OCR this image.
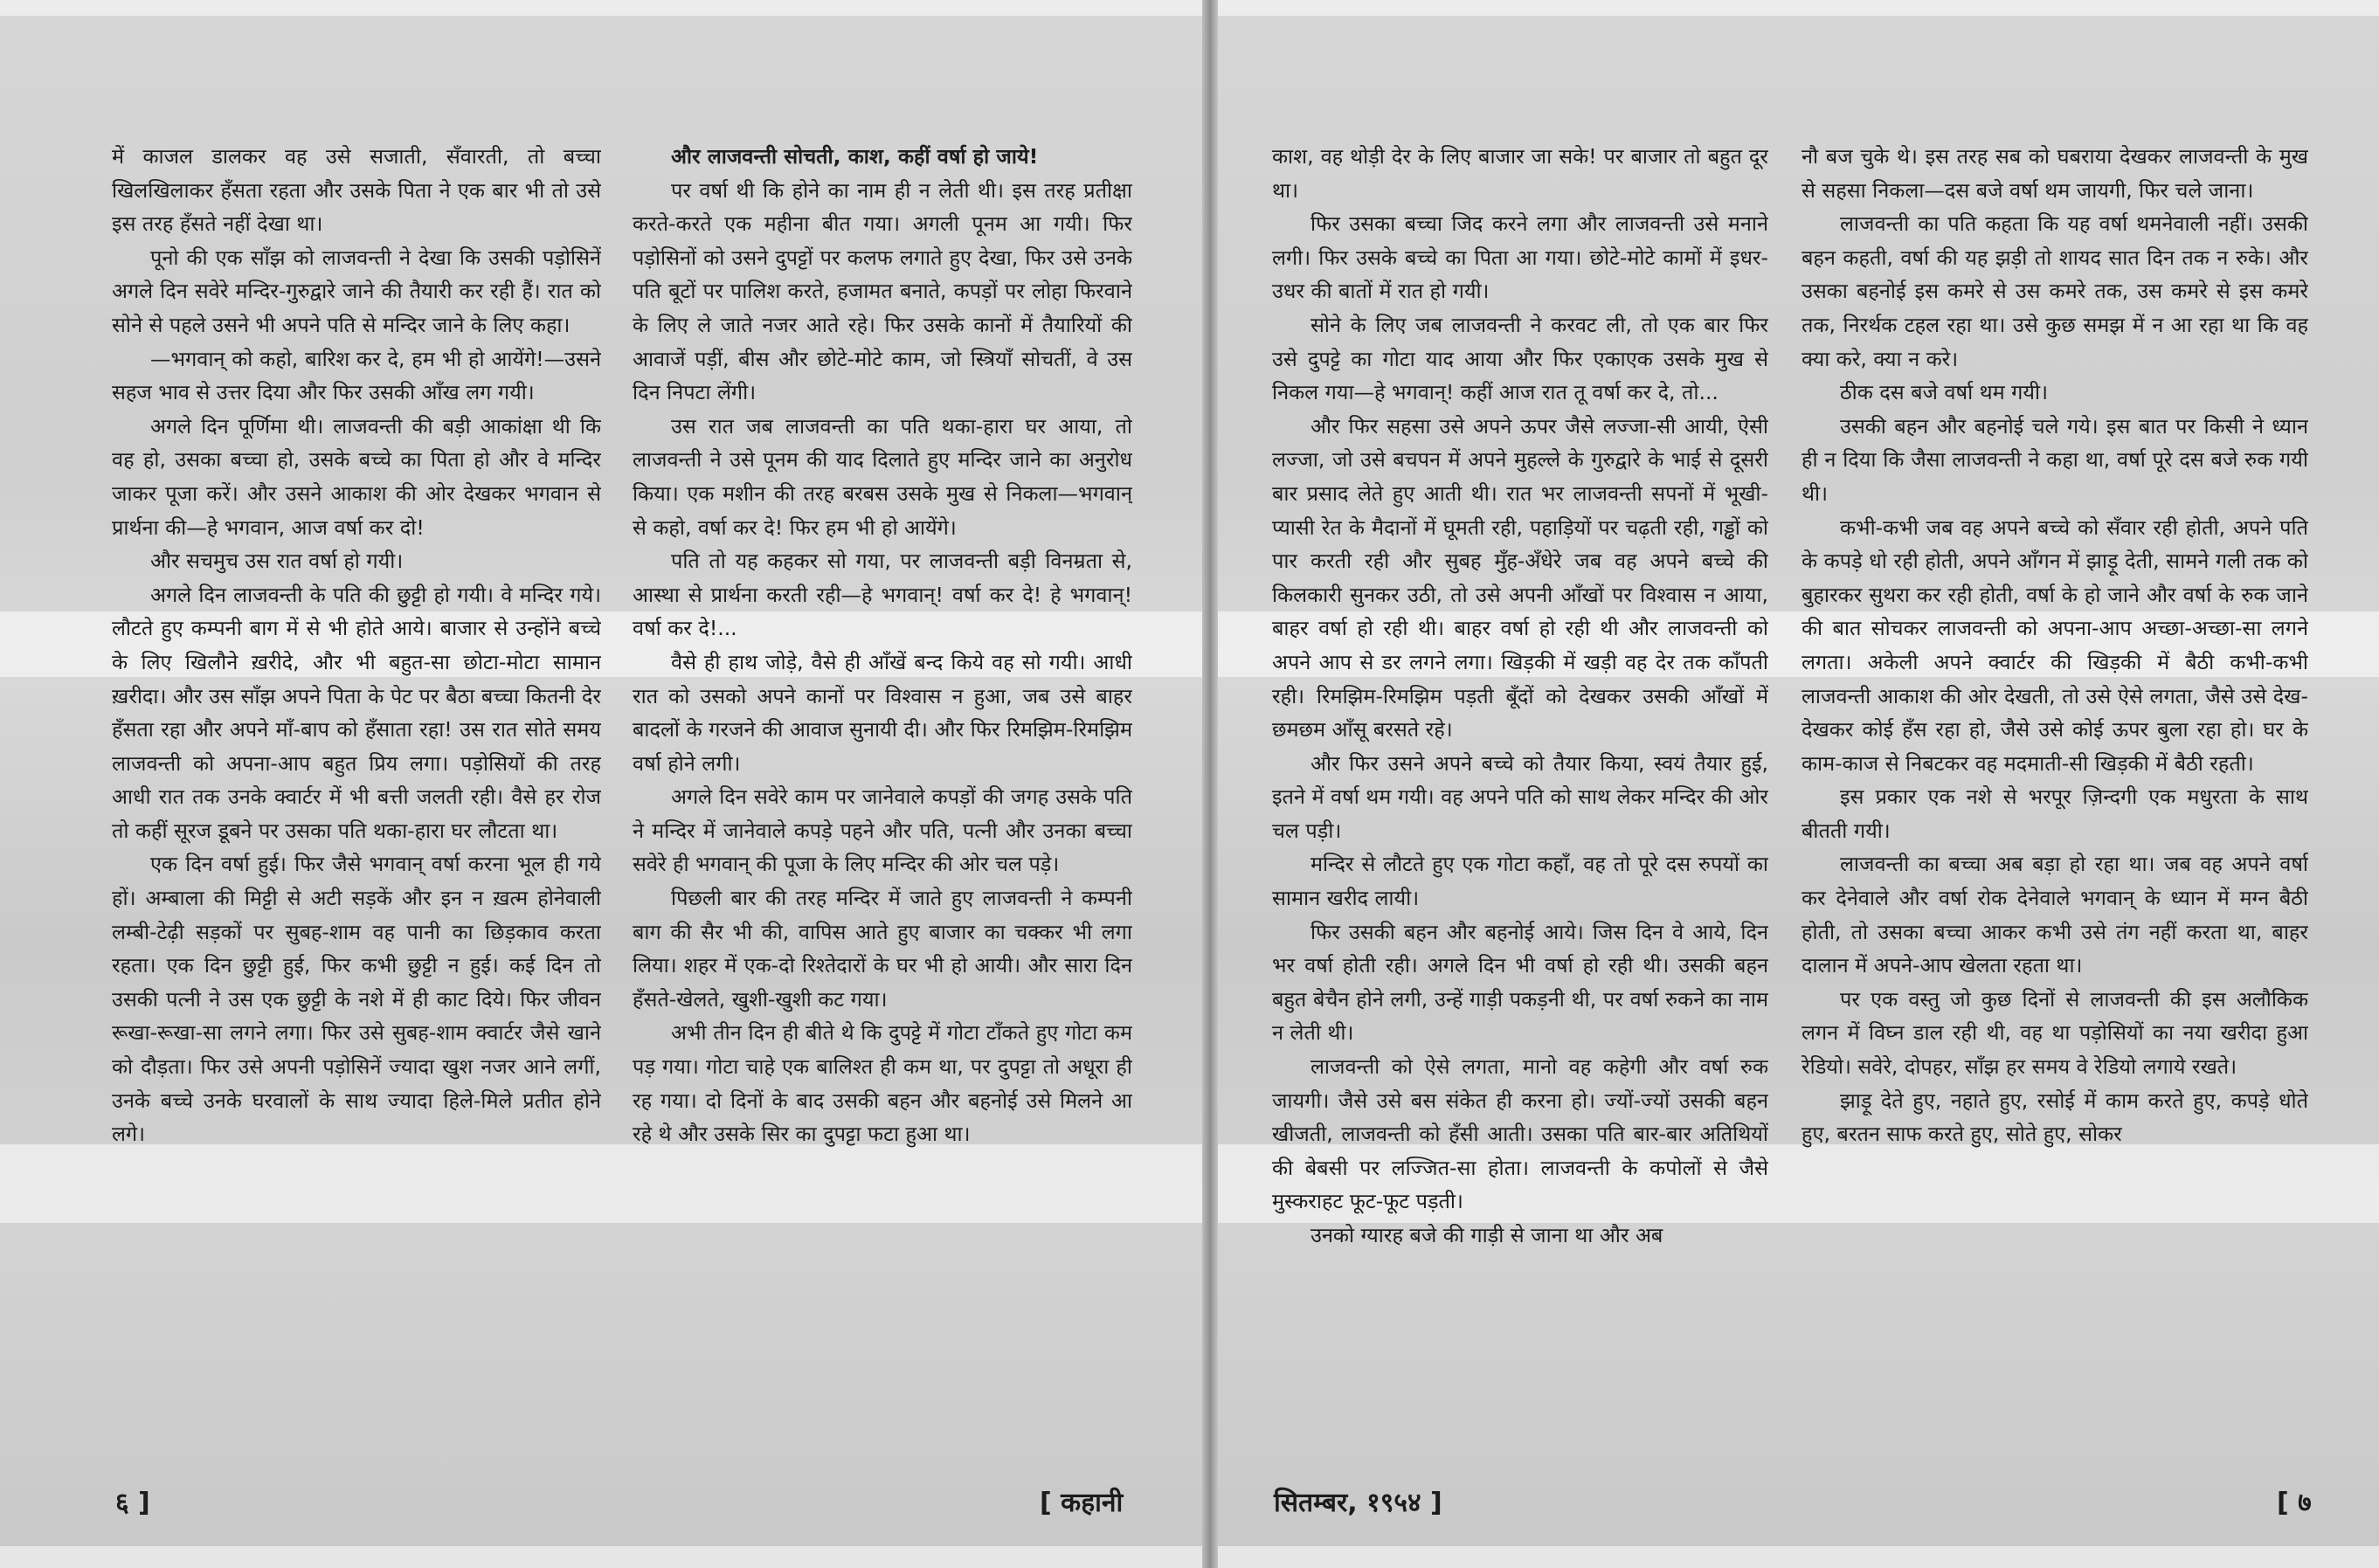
में काजल डालकर वह उसे सजाती, सँवारती, तो बच्चा खिलखिलाकर हँसता रहता और उसके पिता ने एक बार भी तो उसे इस तरह हँसते नहीं देखा था।

पूनो की एक साँझ को लाजवन्ती ने देखा कि उसकी पड़ोसिनें अगले दिन सवेरे मन्दिर-गुरुद्वारे जाने की तैयारी कर रही हैं। रात को सोने से पहले उसने भी अपने पति से मन्दिर जाने के लिए कहा।

—भगवान् को कहो, बारिश कर दे, हम भी हो आयेंगे!—उसने सहज भाव से उत्तर दिया और फिर उसकी आँख लग गयी।

अगले दिन पूर्णिमा थी। लाजवन्ती की बड़ी आकांक्षा थी कि वह हो, उसका बच्चा हो, उसके बच्चे का पिता हो और वे मन्दिर जाकर पूजा करें। और उसने आकाश की ओर देखकर भगवान से प्रार्थना की—हे भगवान, आज वर्षा कर दो!

और सचमुच उस रात वर्षा हो गयी।

अगले दिन लाजवन्ती के पति की छुट्टी हो गयी। वे मन्दिर गये। लौटते हुए कम्पनी बाग में से भी होते आये। बाजार से उन्होंने बच्चे के लिए खिलौने ख़रीदे, और भी बहुत-सा छोटा-मोटा सामान ख़रीदा। और उस साँझ अपने पिता के पेट पर बैठा बच्चा कितनी देर हँसता रहा और अपने माँ-बाप को हँसाता रहा! उस रात सोते समय लाजवन्ती को अपना-आप बहुत प्रिय लगा। पड़ोसियों की तरह आधी रात तक उनके क्वार्टर में भी बत्ती जलती रही। वैसे हर रोज तो कहीं सूरज डूबने पर उसका पति थका-हारा घर लौटता था।

एक दिन वर्षा हुई। फिर जैसे भगवान् वर्षा करना भूल ही गये हों। अम्बाला की मिट्टी से अटी सड़कें और इन न ख़त्म होनेवाली लम्बी-टेढ़ी सड़कों पर सुबह-शाम वह पानी का छिड़काव करता रहता। एक दिन छुट्टी हुई, फिर कभी छुट्टी न हुई। कई दिन तो उसकी पत्नी ने उस एक छुट्टी के नशे में ही काट दिये। फिर जीवन रूखा-रूखा-सा लगने लगा। फिर उसे सुबह-शाम क्वार्टर जैसे खाने को दौड़ता। फिर उसे अपनी पड़ोसिनें ज्यादा खुश नजर आने लगीं, उनके बच्चे उनके घरवालों के साथ ज्यादा हिले-मिले प्रतीत होने लगे।

और लाजवन्ती सोचती, काश, कहीं वर्षा हो जाये!

पर वर्षा थी कि होने का नाम ही न लेती थी। इस तरह प्रतीक्षा करते-करते एक महीना बीत गया। अगली पूनम आ गयी। फिर पड़ोसिनों को उसने दुपट्टों पर कलफ लगाते हुए देखा, फिर उसे उनके पति बूटों पर पालिश करते, हजामत बनाते, कपड़ों पर लोहा फिरवाने के लिए ले जाते नजर आते रहे। फिर उसके कानों में तैयारियों की आवाजें पड़ीं, बीस और छोटे-मोटे काम, जो स्त्रियाँ सोचतीं, वे उस दिन निपटा लेंगी।

उस रात जब लाजवन्ती का पति थका-हारा घर आया, तो लाजवन्ती ने उसे पूनम की याद दिलाते हुए मन्दिर जाने का अनुरोध किया। एक मशीन की तरह बरबस उसके मुख से निकला—भगवान् से कहो, वर्षा कर दे! फिर हम भी हो आयेंगे।

पति तो यह कहकर सो गया, पर लाजवन्ती बड़ी विनम्रता से, आस्था से प्रार्थना करती रही—हे भगवान्! वर्षा कर दे! हे भगवान्! वर्षा कर दे!...

वैसे ही हाथ जोड़े, वैसे ही आँखें बन्द किये वह सो गयी। आधी रात को उसको अपने कानों पर विश्वास न हुआ, जब उसे बाहर बादलों के गरजने की आवाज सुनायी दी। और फिर रिमझिम-रिमझिम वर्षा होने लगी।

अगले दिन सवेरे काम पर जानेवाले कपड़ों की जगह उसके पति ने मन्दिर में जानेवाले कपड़े पहने और पति, पत्नी और उनका बच्चा सवेरे ही भगवान् की पूजा के लिए मन्दिर की ओर चल पड़े।

पिछली बार की तरह मन्दिर में जाते हुए लाजवन्ती ने कम्पनी बाग की सैर भी की, वापिस आते हुए बाजार का चक्कर भी लगा लिया। शहर में एक-दो रिश्तेदारों के घर भी हो आयी। और सारा दिन हँसते-खेलते, खुशी-खुशी कट गया।

अभी तीन दिन ही बीते थे कि दुपट्टे में गोटा टाँकते हुए गोटा कम पड़ गया। गोटा चाहे एक बालिश्त ही कम था, पर दुपट्टा तो अधूरा ही रह गया। दो दिनों के बाद उसकी बहन और बहनोई उसे मिलने आ रहे थे और उसके सिर का दुपट्टा फटा हुआ था।

६ ]	[ कहानी

काश, वह थोड़ी देर के लिए बाजार जा सके! पर बाजार तो बहुत दूर था।

फिर उसका बच्चा जिद करने लगा और लाजवन्ती उसे मनाने लगी। फिर उसके बच्चे का पिता आ गया। छोटे-मोटे कामों में इधर-उधर की बातों में रात हो गयी।

सोने के लिए जब लाजवन्ती ने करवट ली, तो एक बार फिर उसे दुपट्टे का गोटा याद आया और फिर एकाएक उसके मुख से निकल गया—हे भगवान्! कहीं आज रात तू वर्षा कर दे, तो...

और फिर सहसा उसे अपने ऊपर जैसे लज्जा-सी आयी, ऐसी लज्जा, जो उसे बचपन में अपने मुहल्ले के गुरुद्वारे के भाई से दूसरी बार प्रसाद लेते हुए आती थी। रात भर लाजवन्ती सपनों में भूखी-प्यासी रेत के मैदानों में घूमती रही, पहाड़ियों पर चढ़ती रही, गड्ढों को पार करती रही और सुबह मुँह-अँधेरे जब वह अपने बच्चे की किलकारी सुनकर उठी, तो उसे अपनी आँखों पर विश्वास न आया, बाहर वर्षा हो रही थी। बाहर वर्षा हो रही थी और लाजवन्ती को अपने आप से डर लगने लगा। खिड़की में खड़ी वह देर तक काँपती रही। रिमझिम-रिमझिम पड़ती बूँदों को देखकर उसकी आँखों में छमछम आँसू बरसते रहे।

और फिर उसने अपने बच्चे को तैयार किया, स्वयं तैयार हुई, इतने में वर्षा थम गयी। वह अपने पति को साथ लेकर मन्दिर की ओर चल पड़ी।

मन्दिर से लौटते हुए एक गोटा कहाँ, वह तो पूरे दस रुपयों का सामान खरीद लायी।

फिर उसकी बहन और बहनोई आये। जिस दिन वे आये, दिन भर वर्षा होती रही। अगले दिन भी वर्षा हो रही थी। उसकी बहन बहुत बेचैन होने लगी, उन्हें गाड़ी पकड़नी थी, पर वर्षा रुकने का नाम न लेती थी।

लाजवन्ती को ऐसे लगता, मानो वह कहेगी और वर्षा रुक जायगी। जैसे उसे बस संकेत ही करना हो। ज्यों-ज्यों उसकी बहन खीजती, लाजवन्ती को हँसी आती। उसका पति बार-बार अतिथियों की बेबसी पर लज्जित-सा होता। लाजवन्ती के कपोलों से जैसे मुस्कराहट फूट-फूट पड़ती।

उनको ग्यारह बजे की गाड़ी से जाना था और अब

नौ बज चुके थे। इस तरह सब को घबराया देखकर लाजवन्ती के मुख से सहसा निकला—दस बजे वर्षा थम जायगी, फिर चले जाना।

लाजवन्ती का पति कहता कि यह वर्षा थमनेवाली नहीं। उसकी बहन कहती, वर्षा की यह झड़ी तो शायद सात दिन तक न रुके। और उसका बहनोई इस कमरे से उस कमरे तक, उस कमरे से इस कमरे तक, निरर्थक टहल रहा था। उसे कुछ समझ में न आ रहा था कि वह क्या करे, क्या न करे।

ठीक दस बजे वर्षा थम गयी।

उसकी बहन और बहनोई चले गये। इस बात पर किसी ने ध्यान ही न दिया कि जैसा लाजवन्ती ने कहा था, वर्षा पूरे दस बजे रुक गयी थी।

कभी-कभी जब वह अपने बच्चे को सँवार रही होती, अपने पति के कपड़े धो रही होती, अपने आँगन में झाड़ू देती, सामने गली तक को बुहारकर सुथरा कर रही होती, वर्षा के हो जाने और वर्षा के रुक जाने की बात सोचकर लाजवन्ती को अपना-आप अच्छा-अच्छा-सा लगने लगता। अकेली अपने क्वार्टर की खिड़की में बैठी कभी-कभी लाजवन्ती आकाश की ओर देखती, तो उसे ऐसे लगता, जैसे उसे देख-देखकर कोई हँस रहा हो, जैसे उसे कोई ऊपर बुला रहा हो। घर के काम-काज से निबटकर वह मदमाती-सी खिड़की में बैठी रहती।

इस प्रकार एक नशे से भरपूर ज़िन्दगी एक मधुरता के साथ बीतती गयी।

लाजवन्ती का बच्चा अब बड़ा हो रहा था। जब वह अपने वर्षा कर देनेवाले और वर्षा रोक देनेवाले भगवान् के ध्यान में मग्न बैठी होती, तो उसका बच्चा आकर कभी उसे तंग नहीं करता था, बाहर दालान में अपने-आप खेलता रहता था।

पर एक वस्तु जो कुछ दिनों से लाजवन्ती की इस अलौकिक लगन में विघ्न डाल रही थी, वह था पड़ोसियों का नया खरीदा हुआ रेडियो। सवेरे, दोपहर, साँझ हर समय वे रेडियो लगाये रखते।

झाड़ू देते हुए, नहाते हुए, रसोई में काम करते हुए, कपड़े धोते हुए, बरतन साफ करते हुए, सोते हुए, सोकर

सितम्बर, १९५४ ]	[ ७
